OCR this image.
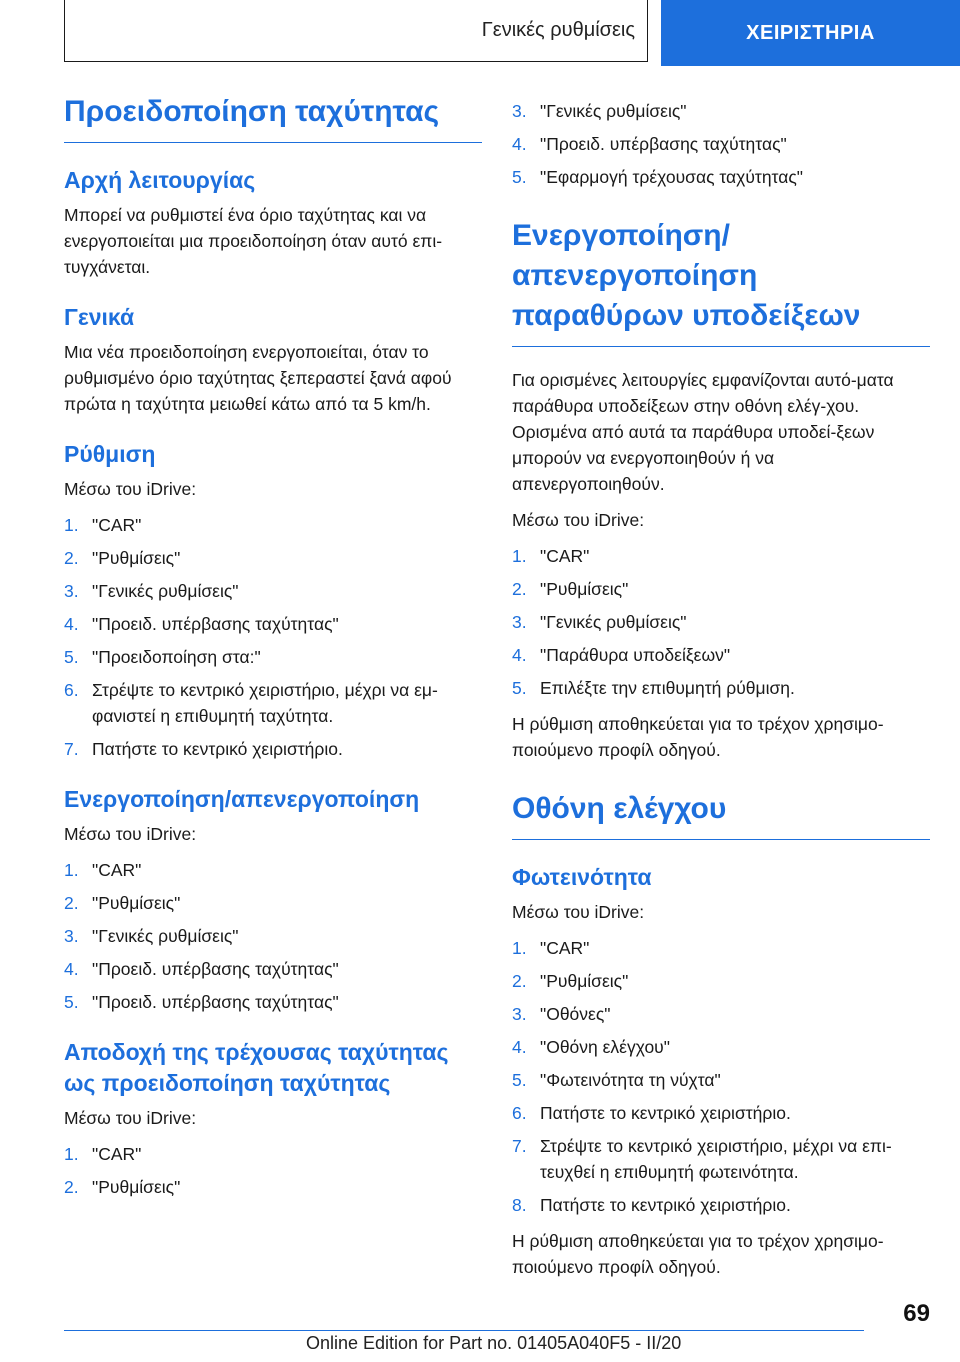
Γενικές ρυθμίσεις	ΧΕΙΡΙΣΤΗΡΙΑ
Προειδοποίηση ταχύτητας
Αρχή λειτουργίας

Μπορεί να ρυθμιστεί ένα όριο ταχύτητας και να ενεργοποιείται μια προειδοποίηση όταν αυτό επι-τυγχάνεται.

Γενικά

Μια νέα προειδοποίηση ενεργοποιείται, όταν το ρυθμισμένο όριο ταχύτητας ξεπεραστεί ξανά αφού πρώτα η ταχύτητα μειωθεί κάτω από τα 5 km/h.

Ρύθμιση

Μέσω του iDrive:

1. "CAR"
2. "Ρυθμίσεις"
3. "Γενικές ρυθμίσεις"
4. "Προειδ. υπέρβασης ταχύτητας"
5. "Προειδοποίηση στα:"
6. Στρέψτε το κεντρικό χειριστήριο, μέχρι να εμ-φανιστεί η επιθυμητή ταχύτητα.
7. Πατήστε το κεντρικό χειριστήριο.
Ενεργοποίηση/απενεργοποίηση

Μέσω του iDrive:

1. "CAR"
2. "Ρυθμίσεις"
3. "Γενικές ρυθμίσεις"
4. "Προειδ. υπέρβασης ταχύτητας"
5. "Προειδ. υπέρβασης ταχύτητας"
Αποδοχή της τρέχουσας ταχύτητας ως προειδοποίηση ταχύτητας

Μέσω του iDrive:

1. "CAR"
2. "Ρυθμίσεις"
3. "Γενικές ρυθμίσεις"
4. "Προειδ. υπέρβασης ταχύτητας"
5. "Εφαρμογή τρέχουσας ταχύτητας"
Ενεργοποίηση/ απενεργοποίηση παραθύρων υποδείξεων

Για ορισμένες λειτουργίες εμφανίζονται αυτό-ματα παράθυρα υποδείξεων στην οθόνη ελέγ-χου. Ορισμένα από αυτά τα παράθυρα υποδεί-ξεων μπορούν να ενεργοποιηθούν ή να απενεργοποιηθούν.

Μέσω του iDrive:

1. "CAR"
2. "Ρυθμίσεις"
3. "Γενικές ρυθμίσεις"
4. "Παράθυρα υποδείξεων"
5. Επιλέξτε την επιθυμητή ρύθμιση.

Η ρύθμιση αποθηκεύεται για το τρέχον χρησιμο-ποιούμενο προφίλ οδηγού.

Οθόνη ελέγχου
Φωτεινότητα

Μέσω του iDrive:

1. "CAR"
2. "Ρυθμίσεις"
3. "Οθόνες"
4. "Οθόνη ελέγχου"
5. "Φωτεινότητα τη νύχτα"
6. Πατήστε το κεντρικό χειριστήριο.
7. Στρέψτε το κεντρικό χειριστήριο, μέχρι να επι-τευχθεί η επιθυμητή φωτεινότητα.
8. Πατήστε το κεντρικό χειριστήριο.

Η ρύθμιση αποθηκεύεται για το τρέχον χρησιμο-ποιούμενο προφίλ οδηγού.

69
Online Edition for Part no. 01405A040F5 - II/20
